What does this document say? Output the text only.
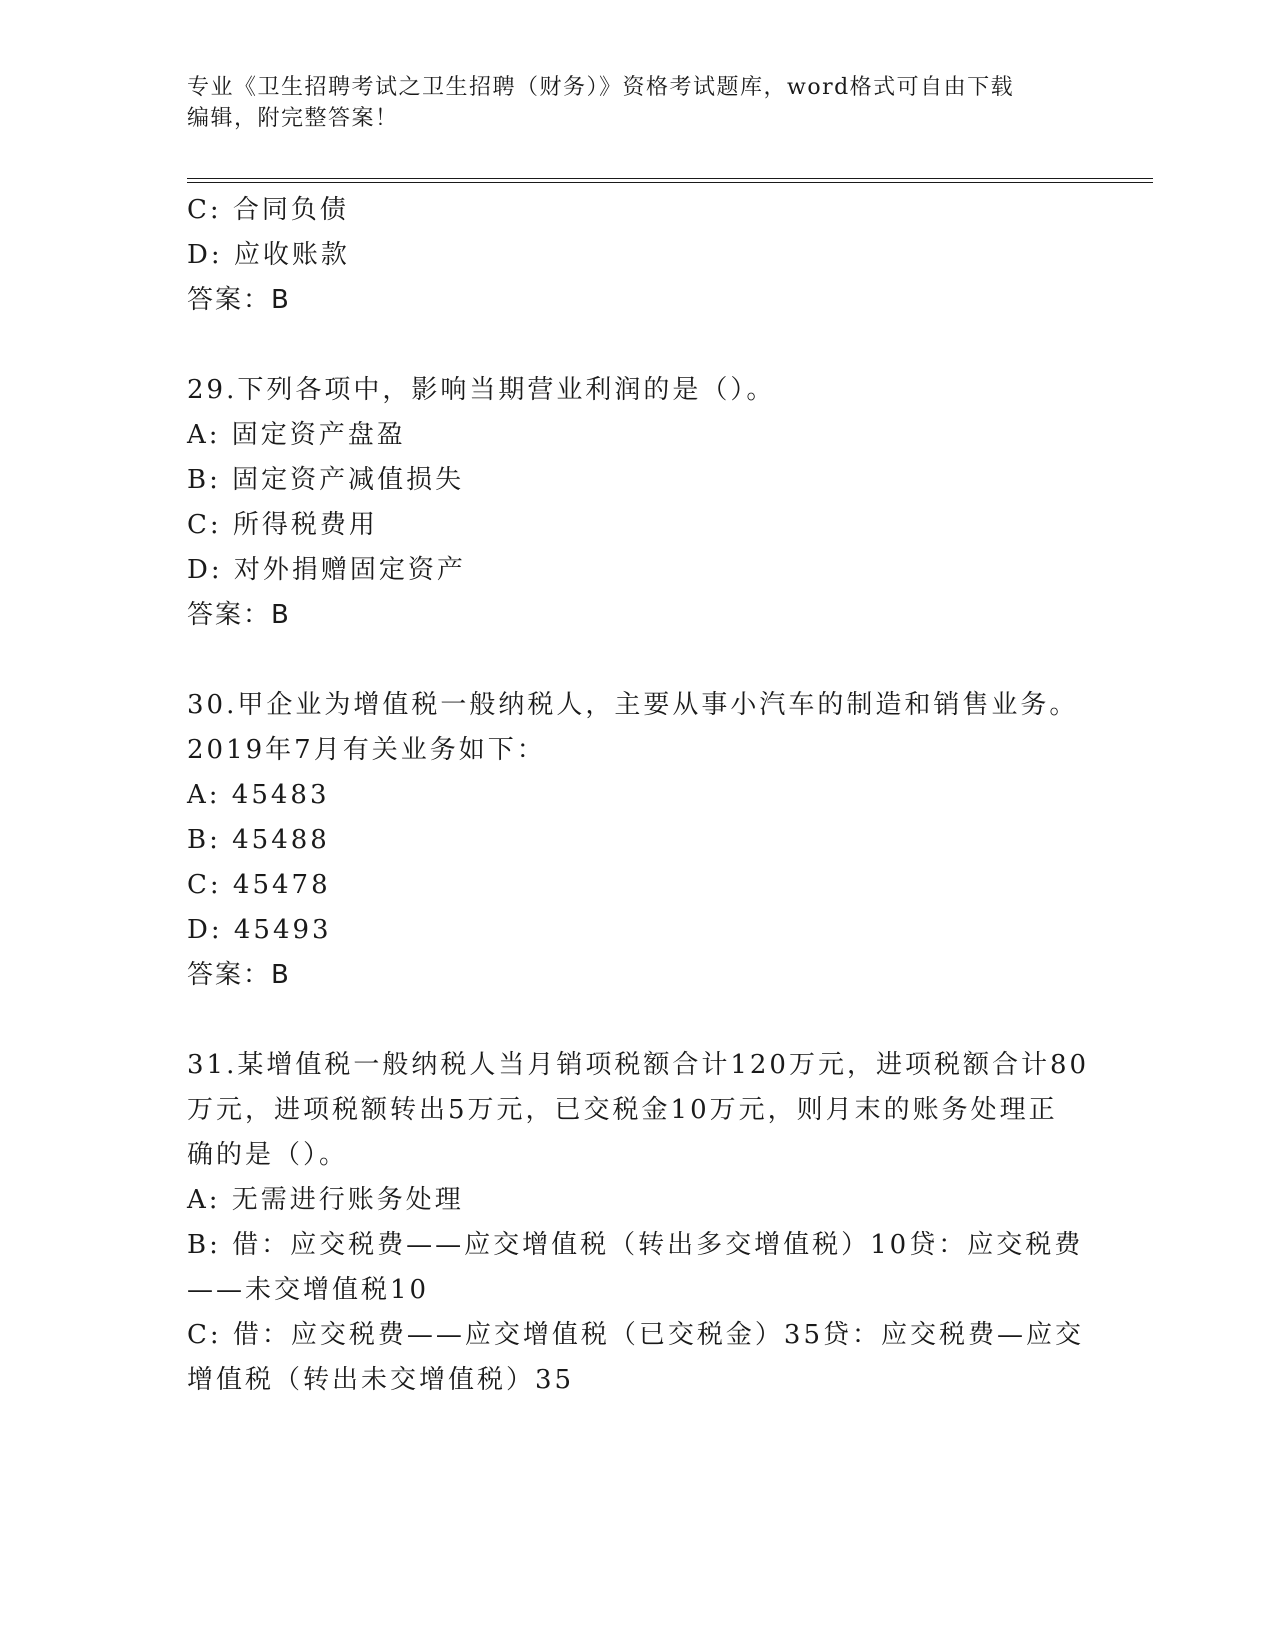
专业《卫生招聘考试之卫生招聘（财务）》资格考试题库，word格式可自由下载
编辑，附完整答案！
C: 合同负债
D: 应收账款
答案：B
29.下列各项中，影响当期营业利润的是（）。
A: 固定资产盘盈
B: 固定资产减值损失
C: 所得税费用
D: 对外捐赠固定资产
答案：B
30.甲企业为增值税一般纳税人，主要从事小汽车的制造和销售业务。
2019年7月有关业务如下：
A: 45483
B: 45488
C: 45478
D: 45493
答案：B
31.某增值税一般纳税人当月销项税额合计120万元，进项税额合计80
万元，进项税额转出5万元，已交税金10万元，则月末的账务处理正
确的是（）。
A: 无需进行账务处理
B: 借：应交税费——应交增值税（转出多交增值税）10贷：应交税费
——未交增值税10
C: 借：应交税费——应交增值税（已交税金）35贷：应交税费—应交
增值税（转出未交增值税）35
